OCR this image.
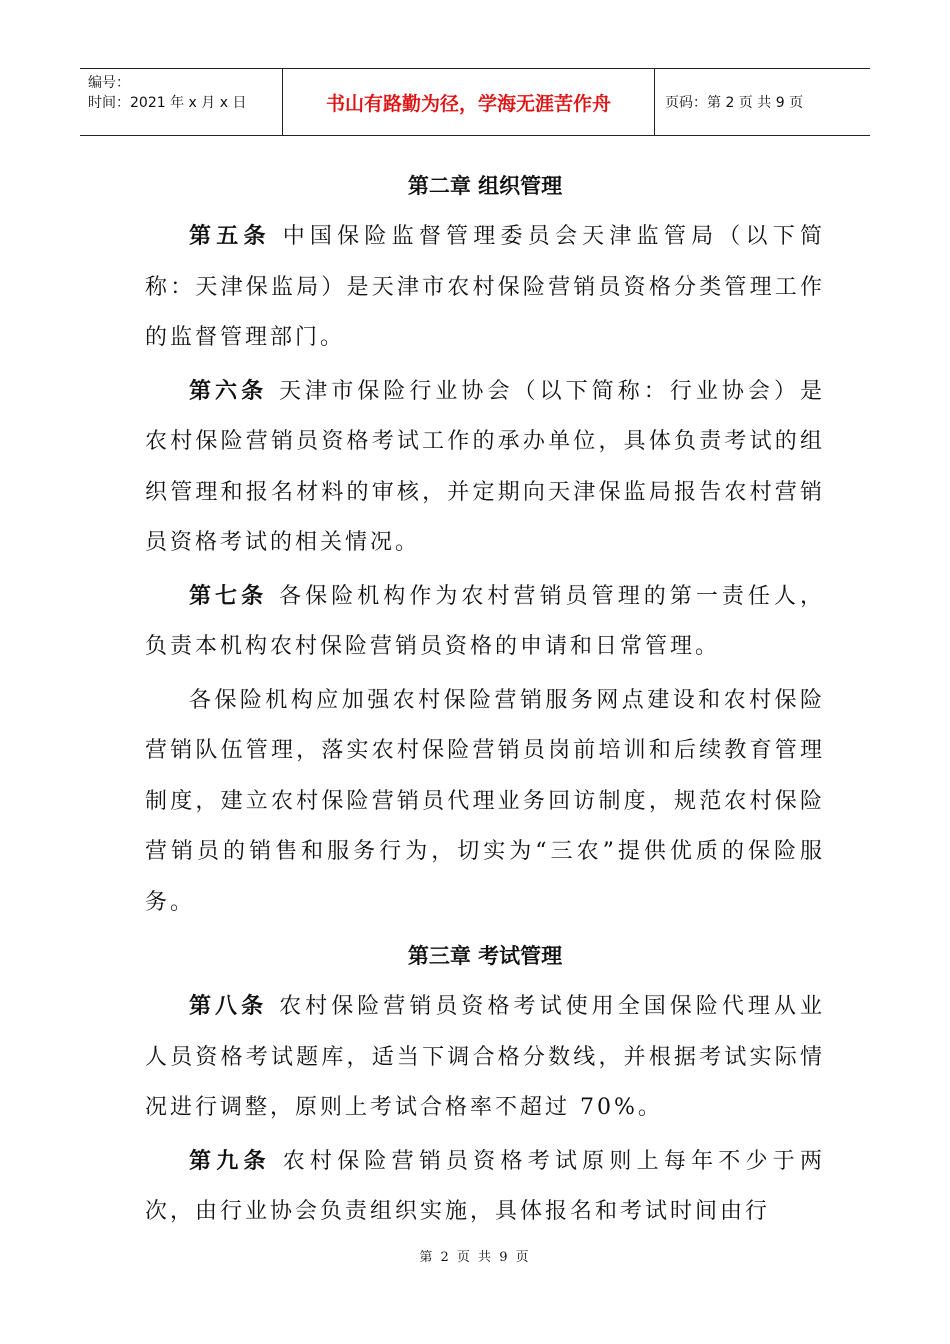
编号：
时间：2021 年 x 月 x 日	书山有路勤为径，学海无涯苦作舟	页码：第 2 页 共 9 页
第二章 组织管理

第五条 中国保险监督管理委员会天津监管局（以下简称：天津保监局）是天津市农村保险营销员资格分类管理工作的监督管理部门。

第六条 天津市保险行业协会（以下简称：行业协会）是农村保险营销员资格考试工作的承办单位，具体负责考试的组织管理和报名材料的审核，并定期向天津保监局报告农村营销员资格考试的相关情况。

第七条 各保险机构作为农村营销员管理的第一责任人，负责本机构农村保险营销员资格的申请和日常管理。

各保险机构应加强农村保险营销服务网点建设和农村保险营销队伍管理，落实农村保险营销员岗前培训和后续教育管理制度，建立农村保险营销员代理业务回访制度，规范农村保险营销员的销售和服务行为，切实为“三农”提供优质的保险服务。

第三章 考试管理

第八条 农村保险营销员资格考试使用全国保险代理从业人员资格考试题库，适当下调合格分数线，并根据考试实际情况进行调整，原则上考试合格率不超过 70%。

第九条 农村保险营销员资格考试原则上每年不少于两次，由行业协会负责组织实施，具体报名和考试时间由行

第 2 页 共 9 页
